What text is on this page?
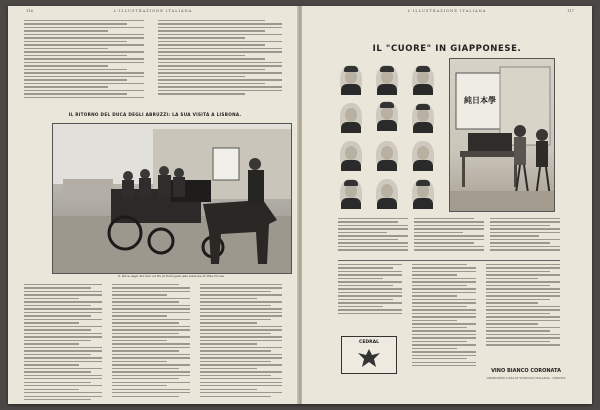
116	L'ILLUSTRAZIONE ITALIANA
IL RITORNO DEL DUCA DEGLI ABRUZZI: LA SUA VISITA A LISBONA.
S. Duca degli Abruzzi col Re di Portogallo alla stazione di Villa Vicosa
L'ILLUSTRAZIONE ITALIANA	117
IL "CUORE" IN GIAPPONESE.
純日本學
CEDRAL
VINO BIANCO CORONATA
GRANDIOSO CASA DI VINICOLO ITALIANA - GENOVA
